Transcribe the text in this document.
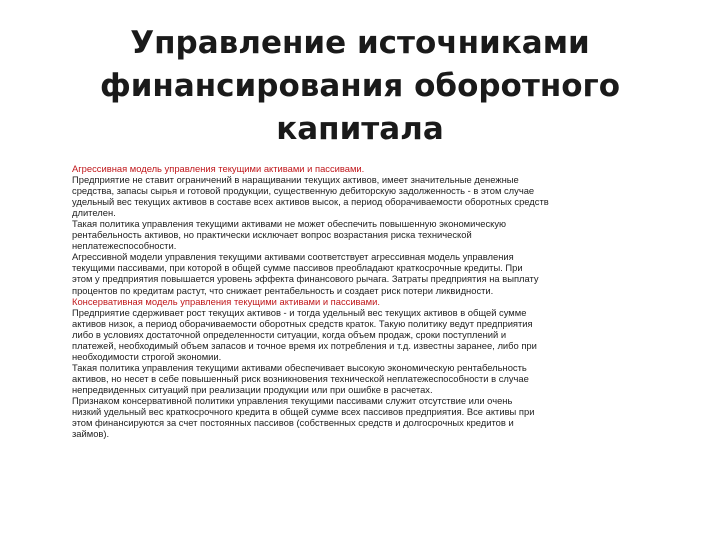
Управление источниками
финансирования оборотного
капитала

Агрессивная модель управления текущими активами и пассивами.

Предприятие не ставит ограничений в наращивании текущих активов, имеет значительные денежные
средства, запасы сырья и готовой продукции, существенную дебиторскую задолженность - в этом случае
удельный вес текущих активов в составе всех активов высок, а период оборачиваемости оборотных средств
длителен.

Такая политика управления текущими активами не может обеспечить повышенную экономическую
рентабельность активов, но практически исключает вопрос возрастания риска технической
неплатежеспособности.

Агрессивной модели управления текущими активами соответствует агрессивная модель управления
текущими пассивами, при которой в общей сумме пассивов преобладают краткосрочные кредиты. При
этом у предприятия повышается уровень эффекта финансового рычага. Затраты предприятия на выплату
процентов по кредитам растут, что снижает рентабельность и создает риск потери ликвидности.

Консервативная модель управления текущими активами и пассивами.

Предприятие сдерживает рост текущих активов - и тогда удельный вес текущих активов в общей сумме
активов низок, а период оборачиваемости оборотных средств краток. Такую политику ведут предприятия
либо в условиях достаточной определенности ситуации, когда объем продаж, сроки поступлений и
платежей, необходимый объем запасов и точное время их потребления и т.д. известны заранее, либо при
необходимости строгой экономии.

Такая политика управления текущими активами обеспечивает высокую экономическую рентабельность
активов, но несет в себе повышенный риск возникновения технической неплатежеспособности в случае
непредвиденных ситуаций при реализации продукции или при ошибке в расчетах.

Признаком консервативной политики управления текущими пассивами служит отсутствие или очень
низкий удельный вес краткосрочного кредита в общей сумме всех пассивов предприятия. Все активы при
этом финансируются за счет постоянных пассивов (собственных средств и долгосрочных кредитов и
займов).
